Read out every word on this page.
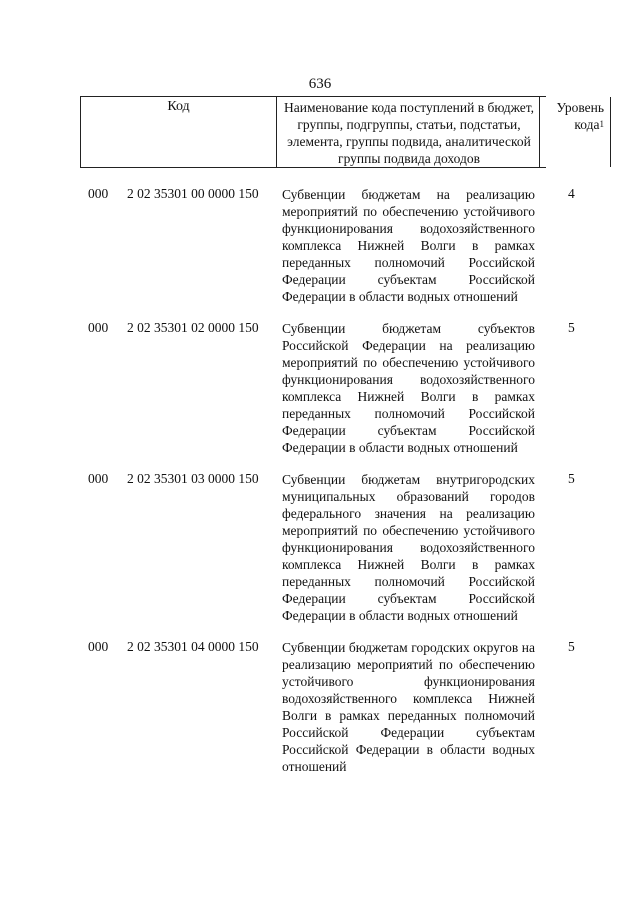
636
Код	Наименование кода поступлений в бюджет, группы, подгруппы, статьи, подстатьи, элемента, группы подвида, аналитической группы подвида доходов
Уровень кода$^1$
000 2 02 35301 00 0000 150 Субвенции бюджетам на реализацию мероприятий по обеспечению устойчивого функционирования водохозяйственного комплекса Нижней Волги в рамках переданных полномочий Российской Федерации субъектам Российской Федерации в области водных отношений
4
000 2 02 35301 02 0000 150 Субвенции бюджетам субъектов Российской Федерации на реализацию мероприятий по обеспечению устойчивого функционирования водохозяйственного комплекса Нижней Волги в рамках переданных полномочий Российской Федерации субъектам Российской Федерации в области водных отношений
5
000 2 02 35301 03 0000 150 Субвенции бюджетам внутригородских муниципальных образований городов федерального значения на реализацию мероприятий по обеспечению устойчивого функционирования водохозяйственного комплекса Нижней Волги в рамках переданных полномочий Российской Федерации субъектам Российской Федерации в области водных отношений
5
000 2 02 35301 04 0000 150 Субвенции бюджетам городских округов на реализацию мероприятий по обеспечению устойчивого функционирования водохозяйственного комплекса Нижней Волги в рамках переданных полномочий Российской Федерации субъектам Российской Федерации в области водных отношений
5
